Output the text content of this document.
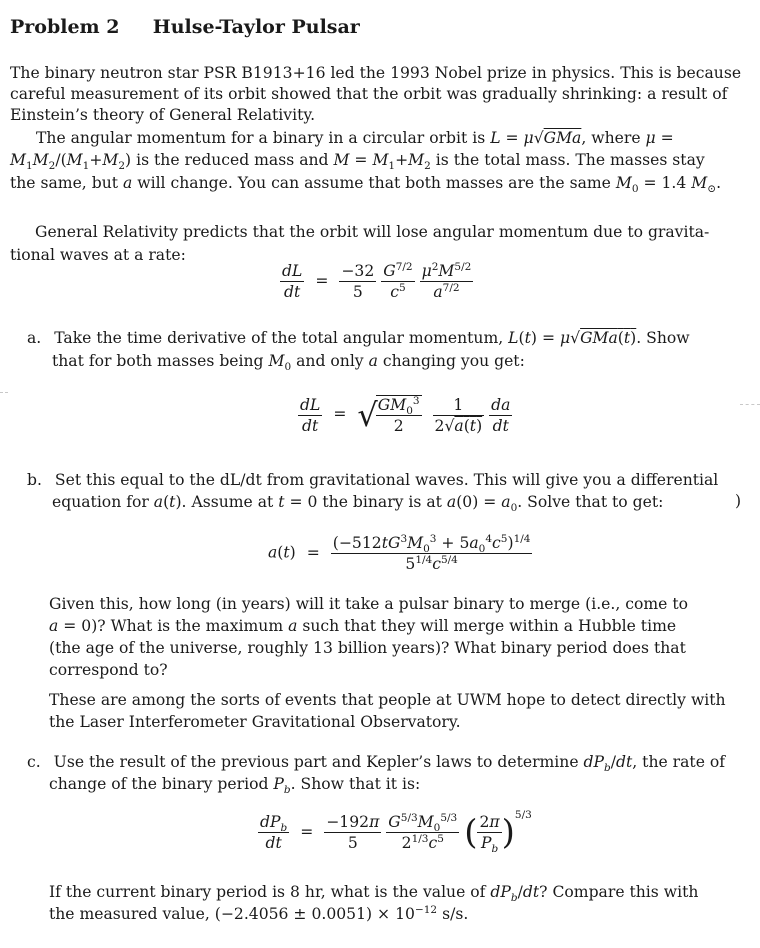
Problem 2 Hulse-Taylor Pulsar
The binary neutron star PSR B1913+16 led the 1993 Nobel prize in physics. This is because
careful measurement of its orbit showed that the orbit was gradually shrinking: a result of
Einstein’s theory of General Relativity.
The angular momentum for a binary in a circular orbit is L = μ√GMa, where μ =
$M_1M_2/(M_1+M_2)$ is the reduced mass and $M = M_1+M_2$ is the total mass. The masses stay
the same, but a will change. You can assume that both masses are the same $M_0 = 1.4$ $M_⊙$.
General Relativity predicts that the orbit will lose angular momentum due to gravita-
tional waves at a rate:
$\frac{dL}{dt} = \frac{-32}{5}$
$\frac{G^{7/2}}{c^5}$
$\frac{\mu^2M^{5/2}}{a^{7/2}}$
a. Take the time derivative of the total angular momentum, L(t) = μ√GMa(t). Show
that for both masses being $M_0$ and only a changing you get:
$\frac{dL}{dt}$ = √
$\frac{GM_0^3}{2}$
$\frac{1}{2√a(t)}$
$\frac{da}{dt}$
b. Set this equal to the dL/dt from gravitational waves. This will give you a differential
)
equation for a(t). Assume at t = 0 the binary is at $a(0) = a_0$. Solve that to get:
$a(t) = \frac{(-512tG^3M_0^3 + 5a_0^4c^5)^{1/4}}{5^{1/4}c^{5/4}}$
Given this, how long (in years) will it take a pulsar binary to merge (i.e., come to
a = 0)? What is the maximum a such that they will merge within a Hubble time
(the age of the universe, roughly 13 billion years)? What binary period does that
correspond to?
These are among the sorts of events that people at UWM hope to detect directly with
the Laser Interferometer Gravitational Observatory.
c. Use the result of the previous part and Kepler’s laws to determine $dP_b/dt$, the rate of
change of the binary period $P_b$. Show that it is:
$\frac{dP_b}{dt} = \frac{-192\pi}{5}$
$\frac{G^{5/3}M_0^{5/3}}{2^{1/3}c^5}$ ( $\frac{2\pi}{P_b} )^{5/3}$
If the current binary period is 8 hr, what is the value of $dP_b/dt$? Compare this with
the measured value, $(-2.4056 \pm 0.0051) \times 10^{-12}$ s/s.
